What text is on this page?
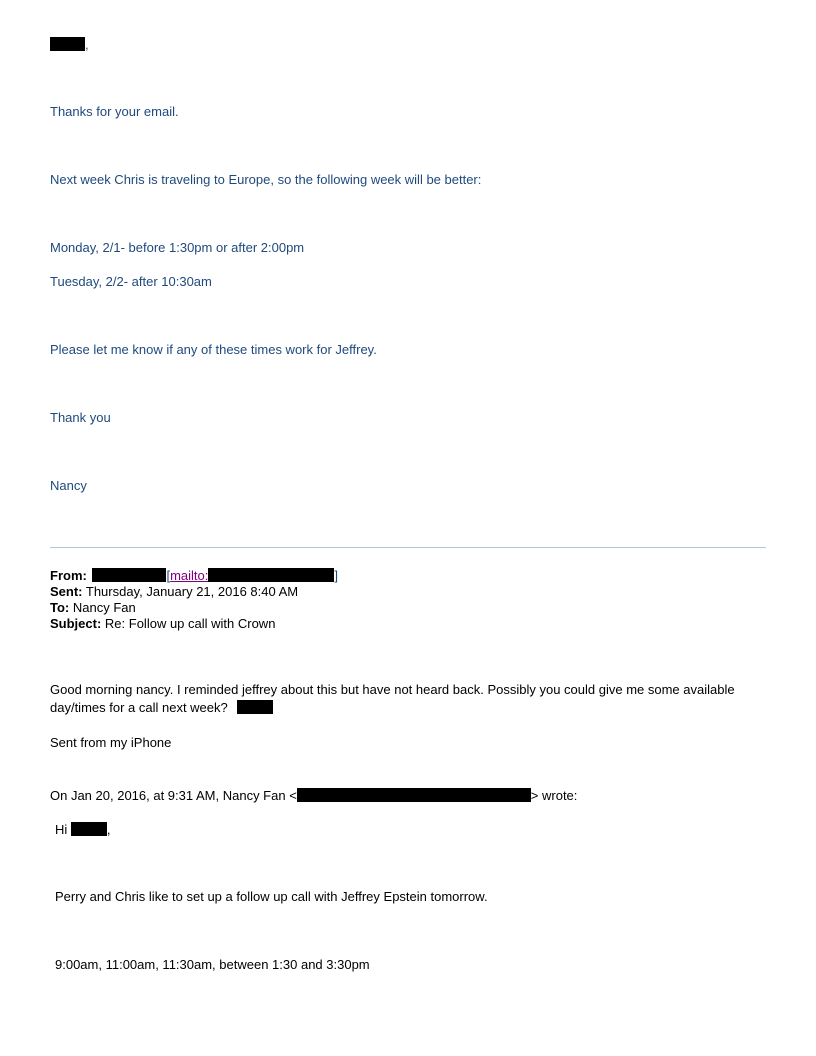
,
Thanks for your email.
Next week Chris is traveling to Europe, so the following week will be better:
Monday, 2/1- before 1:30pm or after 2:00pm
Tuesday, 2/2- after 10:30am
Please let me know if any of these times work for Jeffrey.
Thank you
Nancy
From:	[mailto:	]
Sent: Thursday, January 21, 2016 8:40 AM
To: Nancy Fan
Subject: Re: Follow up call with Crown
Good morning nancy. I reminded jeffrey about this but have not heard back. Possibly you could give me some available day/times for a call next week?
Sent from my iPhone
On Jan 20, 2016, at 9:31 AM, Nancy Fan <	> wrote:
Hi	,
Perry and Chris like to set up a follow up call with Jeffrey Epstein tomorrow.
9:00am, 11:00am, 11:30am, between 1:30 and 3:30pm
